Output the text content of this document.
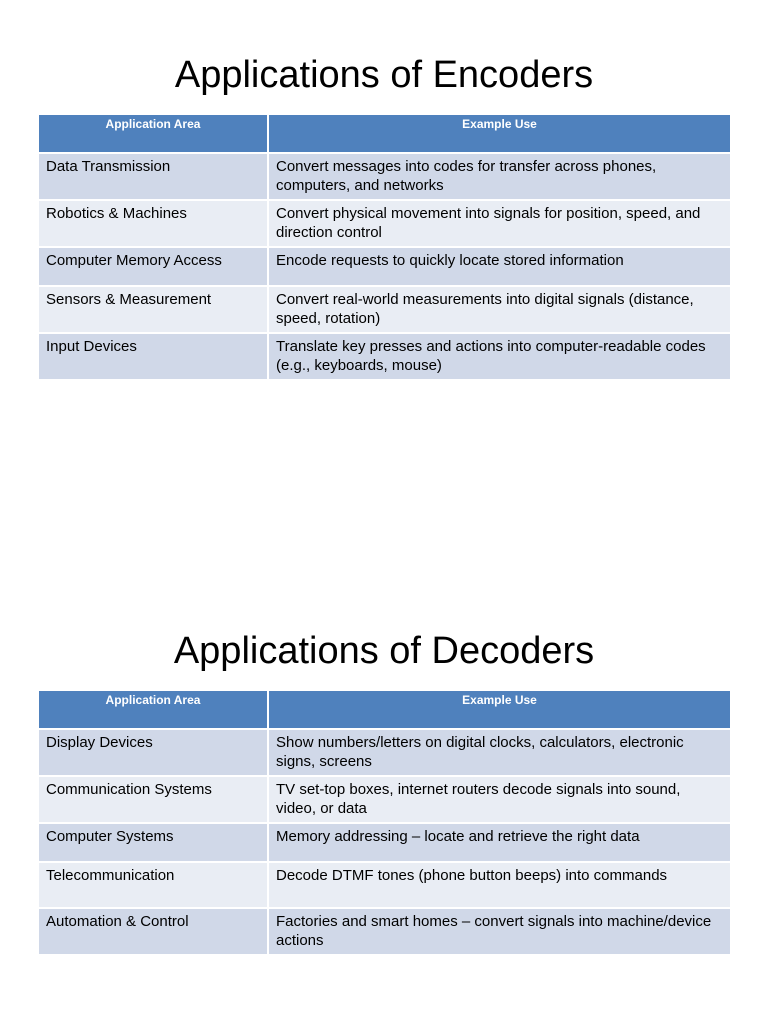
Applications of Encoders
Application Area	Example Use
Data Transmission	Convert messages into codes for transfer across phones, computers, and networks
Robotics & Machines	Convert physical movement into signals for position, speed, and direction control
Computer Memory Access	Encode requests to quickly locate stored information
Sensors & Measurement	Convert real-world measurements into digital signals (distance, speed, rotation)
Input Devices	Translate key presses and actions into computer-readable codes (e.g., keyboards, mouse)
Applications of Decoders
Application Area	Example Use
Display Devices	Show numbers/letters on digital clocks, calculators, electronic signs, screens
Communication Systems	TV set-top boxes, internet routers decode signals into sound, video, or data
Computer Systems	Memory addressing – locate and retrieve the right data
Telecommunication	Decode DTMF tones (phone button beeps) into commands
Automation & Control	Factories and smart homes – convert signals into machine/device actions
